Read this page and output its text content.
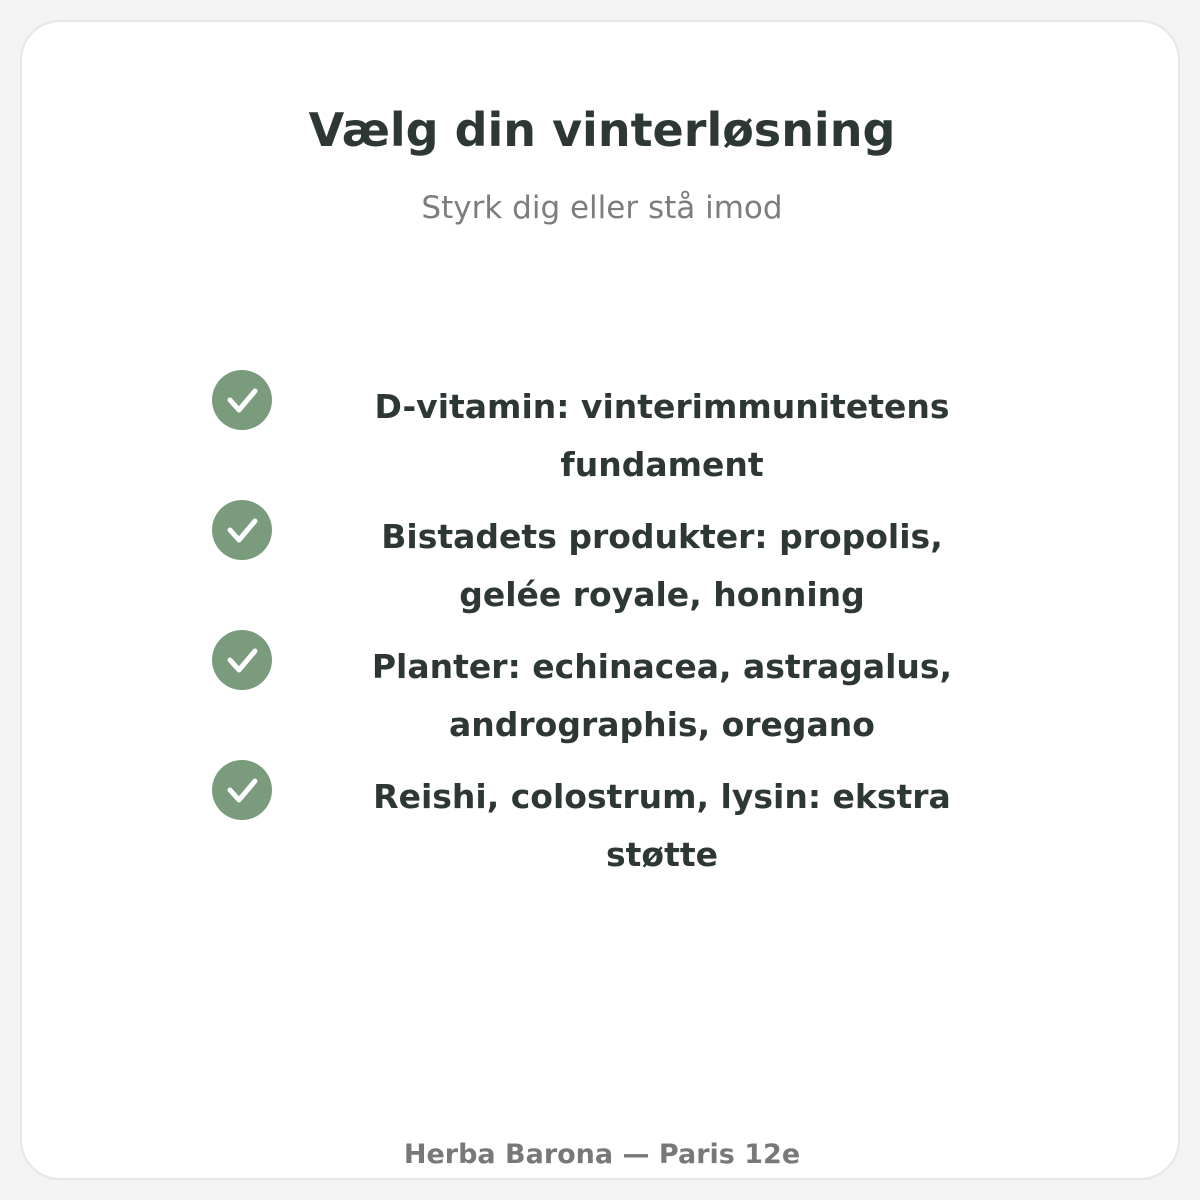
Vælg din vinterløsning

Styrk dig eller stå imod

D-vitamin: vinterimmunitetens fundament
Bistadets produkter: propolis, gelée royale, honning
Planter: echinacea, astragalus, andrographis, oregano
Reishi, colostrum, lysin: ekstra støtte

Herba Barona — Paris 12e
